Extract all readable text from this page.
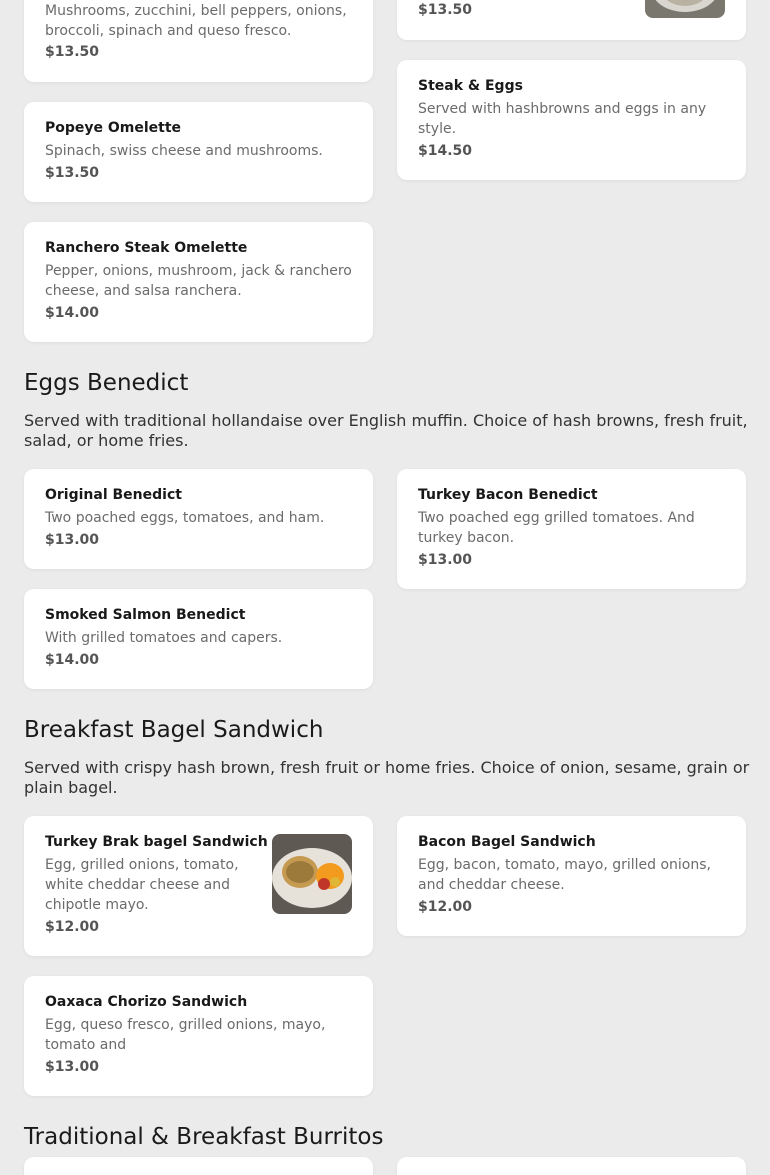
Mushrooms, zucchini, bell peppers, onions, broccoli, spinach and queso fresco.
$13.50
$13.50
Popeye Omelette
Spinach, swiss cheese and mushrooms.
$13.50
Steak & Eggs
Served with hashbrowns and eggs in any style.
$14.50
Ranchero Steak Omelette
Pepper, onions, mushroom, jack & ranchero cheese, and salsa ranchera.
$14.00
Eggs Benedict
Served with traditional hollandaise over English muffin. Choice of hash browns, fresh fruit, salad, or home fries.
Original Benedict
Two poached eggs, tomatoes, and ham.
$13.00
Turkey Bacon Benedict
Two poached egg grilled tomatoes. And turkey bacon.
$13.00
Smoked Salmon Benedict
With grilled tomatoes and capers.
$14.00
Breakfast Bagel Sandwich
Served with crispy hash brown, fresh fruit or home fries. Choice of onion, sesame, grain or plain bagel.
Turkey Brak bagel Sandwich
Egg, grilled onions, tomato, white cheddar cheese and chipotle mayo.
$12.00
Bacon Bagel Sandwich
Egg, bacon, tomato, mayo, grilled onions, and cheddar cheese.
$12.00
Oaxaca Chorizo Sandwich
Egg, queso fresco, grilled onions, mayo, tomato and
$13.00
Traditional & Breakfast Burritos
